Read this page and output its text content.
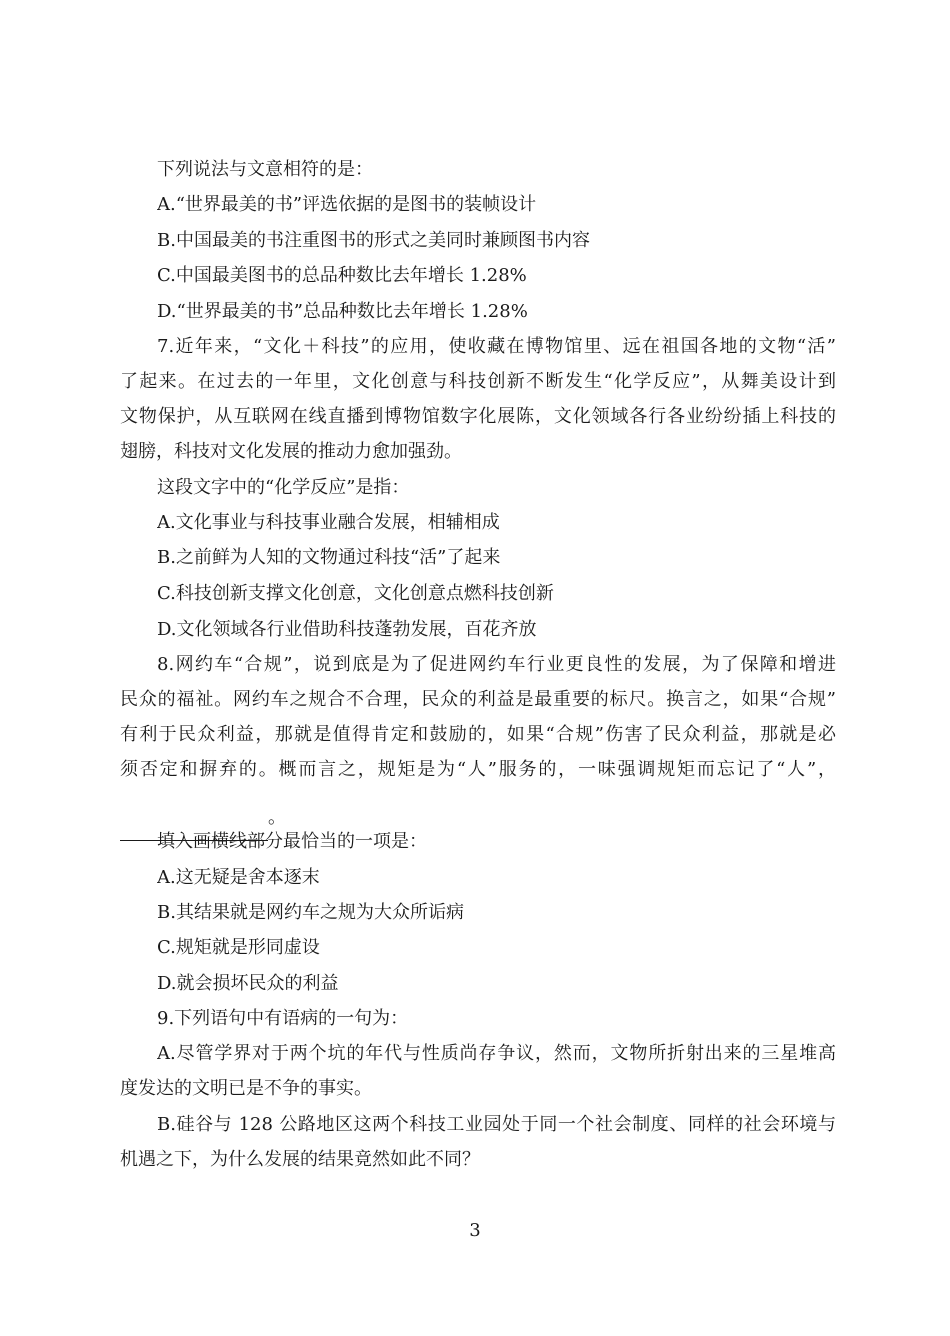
下列说法与文意相符的是：
A.“世界最美的书”评选依据的是图书的装帧设计
B.中国最美的书注重图书的形式之美同时兼顾图书内容
C.中国最美图书的总品种数比去年增长 1.28%
D.“世界最美的书”总品种数比去年增长 1.28%
7.近年来，“文化＋科技”的应用，使收藏在博物馆里、远在祖国各地的文物“活”
了起来。在过去的一年里，文化创意与科技创新不断发生“化学反应”，从舞美设计到
文物保护，从互联网在线直播到博物馆数字化展陈，文化领域各行各业纷纷插上科技的
翅膀，科技对文化发展的推动力愈加强劲。
这段文字中的“化学反应”是指：
A.文化事业与科技事业融合发展，相辅相成
B.之前鲜为人知的文物通过科技“活”了起来
C.科技创新支撑文化创意，文化创意点燃科技创新
D.文化领域各行业借助科技蓬勃发展，百花齐放
8.网约车“合规”，说到底是为了促进网约车行业更良性的发展，为了保障和增进
民众的福祉。网约车之规合不合理，民众的利益是最重要的标尺。换言之，如果“合规”
有利于民众利益，那就是值得肯定和鼓励的，如果“合规”伤害了民众利益，那就是必
须否定和摒弃的。概而言之，规矩是为“人”服务的，一味强调规矩而忘记了“人”，
。
填入画横线部分最恰当的一项是：
A.这无疑是舍本逐末
B.其结果就是网约车之规为大众所诟病
C.规矩就是形同虚设
D.就会损坏民众的利益
9.下列语句中有语病的一句为：
A.尽管学界对于两个坑的年代与性质尚存争议，然而，文物所折射出来的三星堆高
度发达的文明已是不争的事实。
B.硅谷与 128 公路地区这两个科技工业园处于同一个社会制度、同样的社会环境与
机遇之下，为什么发展的结果竟然如此不同？
3
